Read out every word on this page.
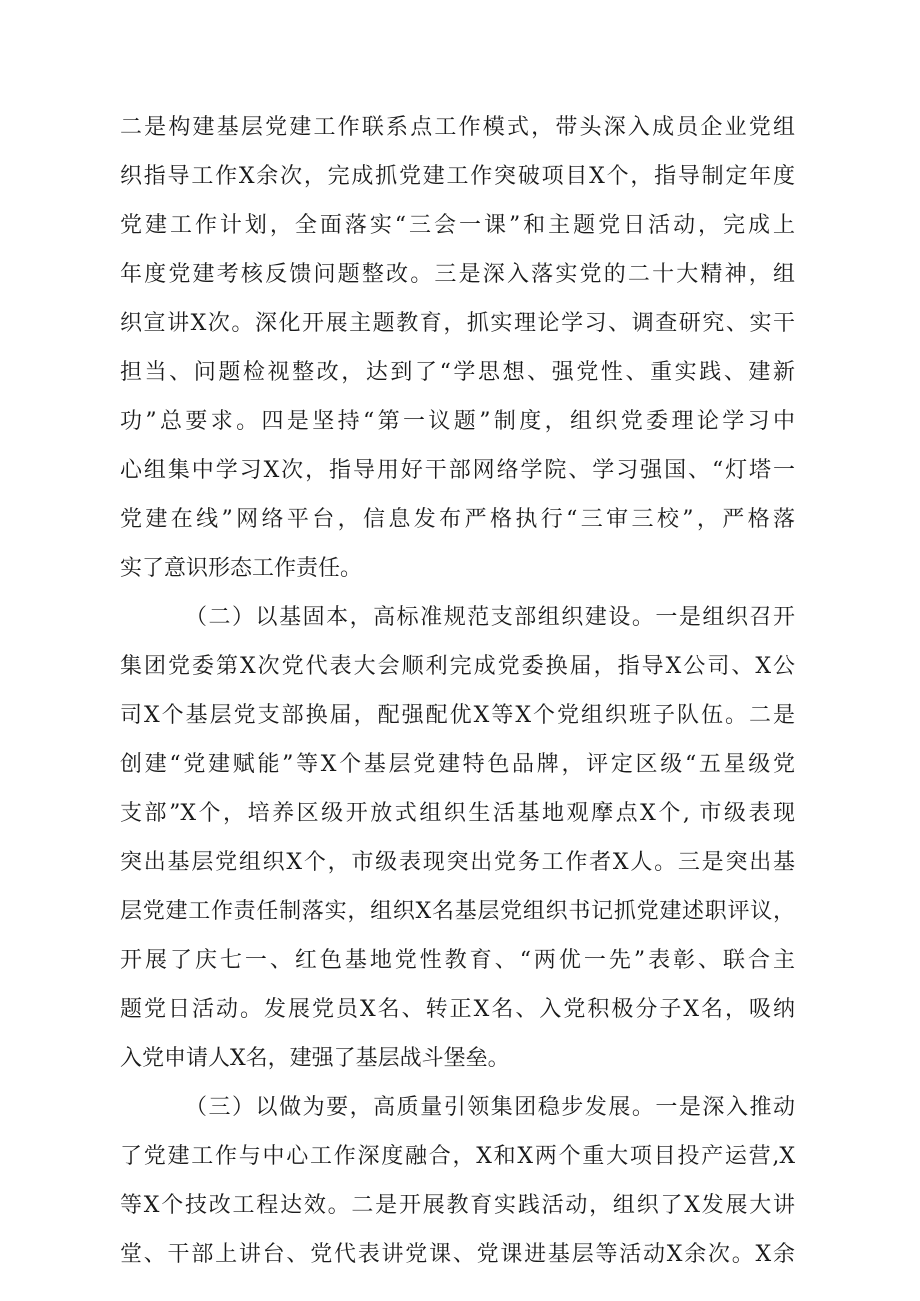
二是构建基层党建工作联系点工作模式，带头深入成员企业党组
织指导工作X余次，完成抓党建工作突破项目X个，指导制定年度
党建工作计划，全面落实“三会一课”和主题党日活动，完成上
年度党建考核反馈问题整改。三是深入落实党的二十大精神，组
织宣讲X次。深化开展主题教育，抓实理论学习、调查研究、实干
担当、问题检视整改，达到了“学思想、强党性、重实践、建新
功”总要求。四是坚持“第一议题”制度，组织党委理论学习中
心组集中学习X次，指导用好干部网络学院、学习强国、“灯塔一
党建在线”网络平台，信息发布严格执行“三审三校”，严格落
实了意识形态工作责任。
（二）以基固本，高标准规范支部组织建设。一是组织召开
集团党委第X次党代表大会顺利完成党委换届，指导X公司、X公
司X个基层党支部换届，配强配优X等X个党组织班子队伍。二是
创建“党建赋能”等X个基层党建特色品牌，评定区级“五星级党
支部”X个，培养区级开放式组织生活基地观摩点X个, 市级表现
突出基层党组织X个，市级表现突出党务工作者X人。三是突出基
层党建工作责任制落实，组织X名基层党组织书记抓党建述职评议，
开展了庆七一、红色基地党性教育、“两优一先”表彰、联合主
题党日活动。发展党员X名、转正X名、入党积极分子X名，吸纳
入党申请人X名，建强了基层战斗堡垒。
（三）以做为要，高质量引领集团稳步发展。一是深入推动
了党建工作与中心工作深度融合，X和X两个重大项目投产运营,X
等X个技改工程达效。二是开展教育实践活动，组织了X发展大讲
堂、干部上讲台、党代表讲党课、党课进基层等活动X余次。X余
